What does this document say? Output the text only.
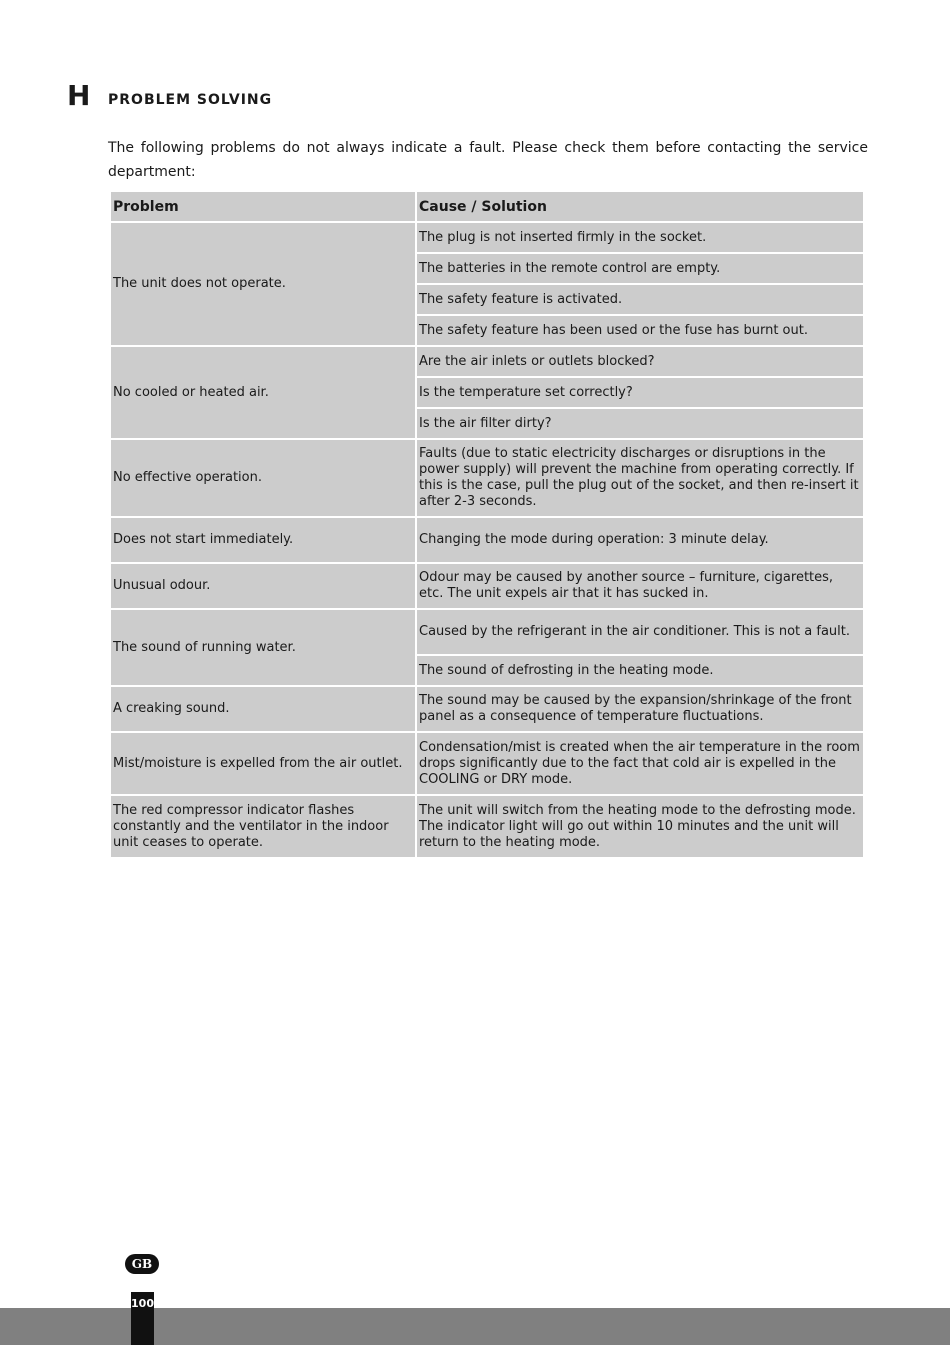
H PROBLEM SOLVING

The following problems do not always indicate a fault. Please check them before contacting the service department:

Problem	Cause / Solution
The unit does not operate.	The plug is not inserted firmly in the socket.
	The batteries in the remote control are empty.
	The safety feature is activated.
	The safety feature has been used or the fuse has burnt out.
No cooled or heated air.	Are the air inlets or outlets blocked?
	Is the temperature set correctly?
	Is the air filter dirty?
No effective operation.	Faults (due to static electricity discharges or disruptions in the power supply) will prevent the machine from operating correctly. If this is the case, pull the plug out of the socket, and then re-insert it after 2-3 seconds.
Does not start immediately.	Changing the mode during operation: 3 minute delay.
Unusual odour.	Odour may be caused by another source – furniture, cigarettes, etc. The unit expels air that it has sucked in.
The sound of running water.	Caused by the refrigerant in the air conditioner. This is not a fault.
	The sound of defrosting in the heating mode.
A creaking sound.	The sound may be caused by the expansion/shrinkage of the front panel as a consequence of temperature fluctuations.
Mist/moisture is expelled from the air outlet.	Condensation/mist is created when the air temperature in the room drops significantly due to the fact that cold air is expelled in the COOLING or DRY mode.
The red compressor indicator flashes constantly and the ventilator in the indoor unit ceases to operate.	The unit will switch from the heating mode to the defrosting mode. The indicator light will go out within 10 minutes and the unit will return to the heating mode.
GB
100
